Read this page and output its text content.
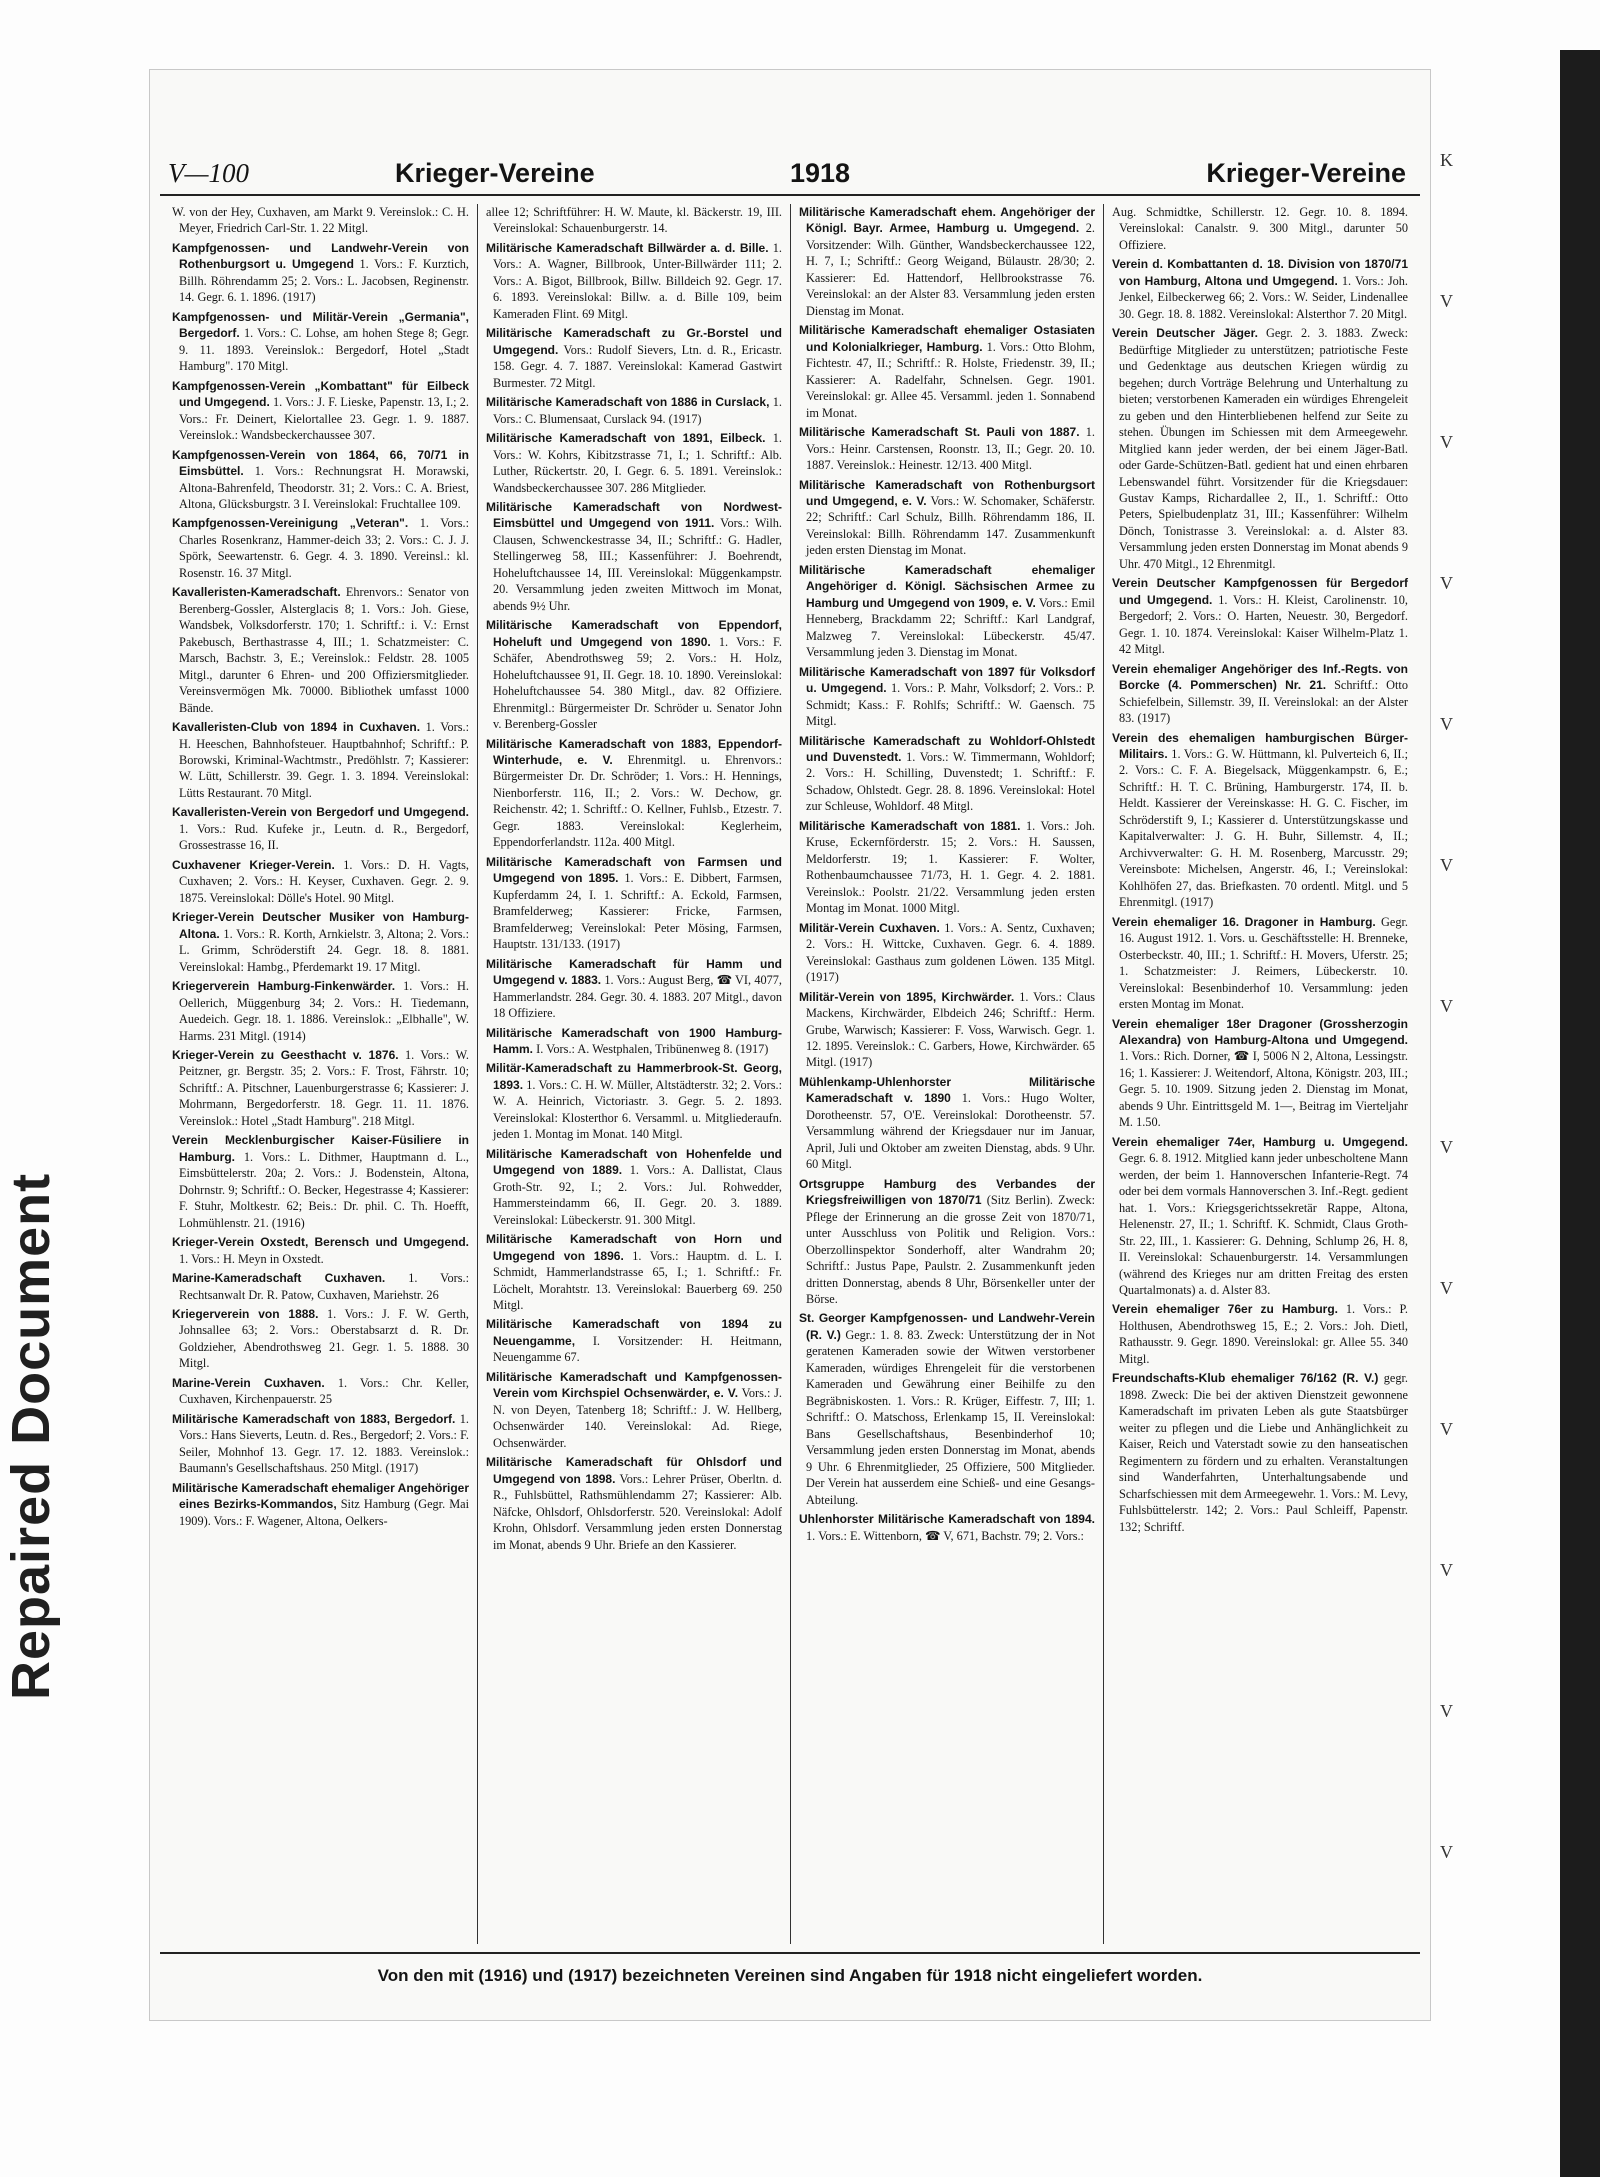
Repaired Document
V—100	Krieger-Vereine	1918	Krieger-Vereine

W. von der Hey, Cuxhaven, am Markt 9. Vereinslok.: C. H. Meyer, Friedrich Carl-Str. 1. 22 Mitgl.

Kampfgenossen- und Landwehr-Verein von Rothenburgsort u. Umgegend 1. Vors.: F. Kurztich, Billh. Röhrendamm 25; 2. Vors.: L. Jacobsen, Reginenstr. 14. Gegr. 6. 1. 1896. (1917)

Kampfgenossen- und Militär-Verein „Germania", Bergedorf. 1. Vors.: C. Lohse, am hohen Stege 8; Gegr. 9. 11. 1893. Vereinslok.: Bergedorf, Hotel „Stadt Hamburg". 170 Mitgl.

Kampfgenossen-Verein „Kombattant" für Eilbeck und Umgegend. 1. Vors.: J. F. Lieske, Papenstr. 13, I.; 2. Vors.: Fr. Deinert, Kielortallee 23. Gegr. 1. 9. 1887. Vereinslok.: Wandsbeckerchaussee 307.

Kampfgenossen-Verein von 1864, 66, 70/71 in Eimsbüttel. 1. Vors.: Rechnungsrat H. Morawski, Altona-Bahrenfeld, Theodorstr. 31; 2. Vors.: C. A. Briest, Altona, Glücksburgstr. 3 I. Vereinslokal: Fruchtallee 109.

Kampfgenossen-Vereinigung „Veteran". 1. Vors.: Charles Rosenkranz, Hammer-deich 33; 2. Vors.: C. J. J. Spörk, Seewartenstr. 6. Gegr. 4. 3. 1890. Vereinsl.: kl. Rosenstr. 16. 37 Mitgl.

Kavalleristen-Kameradschaft. Ehrenvors.: Senator von Berenberg-Gossler, Alsterglacis 8; 1. Vors.: Joh. Giese, Wandsbek, Volksdorferstr. 170; 1. Schriftf.: i. V.: Ernst Pakebusch, Berthastrasse 4, III.; 1. Schatzmeister: C. Marsch, Bachstr. 3, E.; Vereinslok.: Feldstr. 28. 1005 Mitgl., darunter 6 Ehren- und 200 Offiziersmitglieder. Vereinsvermögen Mk. 70000. Bibliothek umfasst 1000 Bände.

Kavalleristen-Club von 1894 in Cuxhaven. 1. Vors.: H. Heeschen, Bahnhofsteuer. Hauptbahnhof; Schriftf.: P. Borowski, Kriminal-Wachtmstr., Predöhlstr. 7; Kassierer: W. Lütt, Schillerstr. 39. Gegr. 1. 3. 1894. Vereinslokal: Lütts Restaurant. 70 Mitgl.

Kavalleristen-Verein von Bergedorf und Umgegend. 1. Vors.: Rud. Kufeke jr., Leutn. d. R., Bergedorf, Grossestrasse 16, II.

Cuxhavener Krieger-Verein. 1. Vors.: D. H. Vagts, Cuxhaven; 2. Vors.: H. Keyser, Cuxhaven. Gegr. 2. 9. 1875. Vereinslokal: Dölle's Hotel. 90 Mitgl.

Krieger-Verein Deutscher Musiker von Hamburg-Altona. 1. Vors.: R. Korth, Arnkielstr. 3, Altona; 2. Vors.: L. Grimm, Schröderstift 24. Gegr. 18. 8. 1881. Vereinslokal: Hambg., Pferdemarkt 19. 17 Mitgl.

Kriegerverein Hamburg-Finkenwärder. 1. Vors.: H. Oellerich, Müggenburg 34; 2. Vors.: H. Tiedemann, Auedeich. Gegr. 18. 1. 1886. Vereinslok.: „Elbhalle", W. Harms. 231 Mitgl. (1914)

Krieger-Verein zu Geesthacht v. 1876. 1. Vors.: W. Peitzner, gr. Bergstr. 35; 2. Vors.: F. Trost, Fährstr. 10; Schriftf.: A. Pitschner, Lauenburgerstrasse 6; Kassierer: J. Mohrmann, Bergedorferstr. 18. Gegr. 11. 11. 1876. Vereinslok.: Hotel „Stadt Hamburg". 218 Mitgl.

Verein Mecklenburgischer Kaiser-Füsiliere in Hamburg. 1. Vors.: L. Dithmer, Hauptmann d. L., Eimsbüttelerstr. 20a; 2. Vors.: J. Bodenstein, Altona, Dohrnstr. 9; Schriftf.: O. Becker, Hegestrasse 4; Kassierer: F. Stuhr, Moltkestr. 62; Beis.: Dr. phil. C. Th. Hoefft, Lohmühlenstr. 21. (1916)

Krieger-Verein Oxstedt, Berensch und Umgegend. 1. Vors.: H. Meyn in Oxstedt.

Marine-Kameradschaft Cuxhaven. 1. Vors.: Rechtsanwalt Dr. R. Patow, Cuxhaven, Mariehstr. 26

Kriegerverein von 1888. 1. Vors.: J. F. W. Gerth, Johnsallee 63; 2. Vors.: Oberstabsarzt d. R. Dr. Goldzieher, Abendrothsweg 21. Gegr. 1. 5. 1888. 30 Mitgl.

Marine-Verein Cuxhaven. 1. Vors.: Chr. Keller, Cuxhaven, Kirchenpauerstr. 25

Militärische Kameradschaft von 1883, Bergedorf. 1. Vors.: Hans Sieverts, Leutn. d. Res., Bergedorf; 2. Vors.: F. Seiler, Mohnhof 13. Gegr. 17. 12. 1883. Vereinslok.: Baumann's Gesellschaftshaus. 250 Mitgl. (1917)

Militärische Kameradschaft ehemaliger Angehöriger eines Bezirks-Kommandos, Sitz Hamburg (Gegr. Mai 1909). Vors.: F. Wagener, Altona, Oelkers-

allee 12; Schriftführer: H. W. Maute, kl. Bäckerstr. 19, III. Vereinslokal: Schauenburgerstr. 14.

Militärische Kameradschaft Billwärder a. d. Bille. 1. Vors.: A. Wagner, Billbrook, Unter-Billwärder 111; 2. Vors.: A. Bigot, Billbrook, Billw. Billdeich 92. Gegr. 17. 6. 1893. Vereinslokal: Billw. a. d. Bille 109, beim Kameraden Flint. 69 Mitgl.

Militärische Kameradschaft zu Gr.-Borstel und Umgegend. Vors.: Rudolf Sievers, Ltn. d. R., Ericastr. 158. Gegr. 4. 7. 1887. Vereinslokal: Kamerad Gastwirt Burmester. 72 Mitgl.

Militärische Kameradschaft von 1886 in Curslack, 1. Vors.: C. Blumensaat, Curslack 94. (1917)

Militärische Kameradschaft von 1891, Eilbeck. 1. Vors.: W. Kohrs, Kibitzstrasse 71, I.; 1. Schriftf.: Alb. Luther, Rückertstr. 20, I. Gegr. 6. 5. 1891. Vereinslok.: Wandsbeckerchaussee 307. 286 Mitglieder.

Militärische Kameradschaft von Nordwest-Eimsbüttel und Umgegend von 1911. Vors.: Wilh. Clausen, Schwenckestrasse 34, II.; Schriftf.: G. Hadler, Stellingerweg 58, III.; Kassenführer: J. Boehrendt, Hoheluftchaussee 14, III. Vereinslokal: Müggenkampstr. 20. Versammlung jeden zweiten Mittwoch im Monat, abends 9½ Uhr.

Militärische Kameradschaft von Eppendorf, Hoheluft und Umgegend von 1890. 1. Vors.: F. Schäfer, Abendrothsweg 59; 2. Vors.: H. Holz, Hoheluftchaussee 91, II. Gegr. 18. 10. 1890. Vereinslokal: Hoheluftchaussee 54. 380 Mitgl., dav. 82 Offiziere. Ehrenmitgl.: Bürgermeister Dr. Schröder u. Senator John v. Berenberg-Gossler

Militärische Kameradschaft von 1883, Eppendorf-Winterhude, e. V. Ehrenmitgl. u. Ehrenvors.: Bürgermeister Dr. Dr. Schröder; 1. Vors.: H. Hennings, Nienborferstr. 116, II.; 2. Vors.: W. Dechow, gr. Reichenstr. 42; 1. Schriftf.: O. Kellner, Fuhlsb., Etzestr. 7. Gegr. 1883. Vereinslokal: Keglerheim, Eppendorferlandstr. 112a. 400 Mitgl.

Militärische Kameradschaft von Farmsen und Umgegend von 1895. 1. Vors.: E. Dibbert, Farmsen, Kupferdamm 24, I. 1. Schriftf.: A. Eckold, Farmsen, Bramfelderweg; Kassierer: Fricke, Farmsen, Bramfelderweg; Vereinslokal: Peter Mösing, Farmsen, Hauptstr. 131/133. (1917)

Militärische Kameradschaft für Hamm und Umgegend v. 1883. 1. Vors.: August Berg, ☎ VI, 4077, Hammerlandstr. 284. Gegr. 30. 4. 1883. 207 Mitgl., davon 18 Offiziere.

Militärische Kameradschaft von 1900 Hamburg-Hamm. I. Vors.: A. Westphalen, Tribünenweg 8. (1917)

Militär-Kameradschaft zu Hammerbrook-St. Georg, 1893. 1. Vors.: C. H. W. Müller, Altstädterstr. 32; 2. Vors.: W. A. Heinrich, Victoriastr. 3. Gegr. 5. 2. 1893. Vereinslokal: Klosterthor 6. Versamml. u. Mitgliederaufn. jeden 1. Montag im Monat. 140 Mitgl.

Militärische Kameradschaft von Hohenfelde und Umgegend von 1889. 1. Vors.: A. Dallistat, Claus Groth-Str. 92, I.; 2. Vors.: Jul. Rohwedder, Hammersteindamm 66, II. Gegr. 20. 3. 1889. Vereinslokal: Lübeckerstr. 91. 300 Mitgl.

Militärische Kameradschaft von Horn und Umgegend von 1896. 1. Vors.: Hauptm. d. L. I. Schmidt, Hammerlandstrasse 65, I.; 1. Schriftf.: Fr. Löchelt, Morahtstr. 13. Vereinslokal: Bauerberg 69. 250 Mitgl.

Militärische Kameradschaft von 1894 zu Neuengamme, I. Vorsitzender: H. Heitmann, Neuengamme 67.

Militärische Kameradschaft und Kampfgenossen-Verein vom Kirchspiel Ochsenwärder, e. V. Vors.: J. N. von Deyen, Tatenberg 18; Schriftf.: J. W. Hellberg, Ochsenwärder 140. Vereinslokal: Ad. Riege, Ochsenwärder.

Militärische Kameradschaft für Ohlsdorf und Umgegend von 1898. Vors.: Lehrer Prüser, Oberltn. d. R., Fuhlsbüttel, Rathsmühlendamm 27; Kassierer: Alb. Näfcke, Ohlsdorf, Ohlsdorferstr. 520. Vereinslokal: Adolf Krohn, Ohlsdorf. Versammlung jeden ersten Donnerstag im Monat, abends 9 Uhr. Briefe an den Kassierer.

Militärische Kameradschaft ehem. Angehöriger der Königl. Bayr. Armee, Hamburg u. Umgegend. 2. Vorsitzender: Wilh. Günther, Wandsbeckerchaussee 122, H. 7, I.; Schriftf.: Georg Weigand, Bülaustr. 28/30; 2. Kassierer: Ed. Hattendorf, Hellbrookstrasse 76. Vereinslokal: an der Alster 83. Versammlung jeden ersten Dienstag im Monat.

Militärische Kameradschaft ehemaliger Ostasiaten und Kolonialkrieger, Hamburg. 1. Vors.: Otto Blohm, Fichtestr. 47, II.; Schriftf.: R. Holste, Friedenstr. 39, II.; Kassierer: A. Radelfahr, Schnelsen. Gegr. 1901. Vereinslokal: gr. Allee 45. Versamml. jeden 1. Sonnabend im Monat.

Militärische Kameradschaft St. Pauli von 1887. 1. Vors.: Heinr. Carstensen, Roonstr. 13, II.; Gegr. 20. 10. 1887. Vereinslok.: Heinestr. 12/13. 400 Mitgl.

Militärische Kameradschaft von Rothenburgsort und Umgegend, e. V. Vors.: W. Schomaker, Schäferstr. 22; Schriftf.: Carl Schulz, Billh. Röhrendamm 186, II. Vereinslokal: Billh. Röhrendamm 147. Zusammenkunft jeden ersten Dienstag im Monat.

Militärische Kameradschaft ehemaliger Angehöriger d. Königl. Sächsischen Armee zu Hamburg und Umgegend von 1909, e. V. Vors.: Emil Henneberg, Brackdamm 22; Schriftf.: Karl Landgraf, Malzweg 7. Vereinslokal: Lübeckerstr. 45/47. Versammlung jeden 3. Dienstag im Monat.

Militärische Kameradschaft von 1897 für Volksdorf u. Umgegend. 1. Vors.: P. Mahr, Volksdorf; 2. Vors.: P. Schmidt; Kass.: F. Rohlfs; Schriftf.: W. Gaensch. 75 Mitgl.

Militärische Kameradschaft zu Wohldorf-Ohlstedt und Duvenstedt. 1. Vors.: W. Timmermann, Wohldorf; 2. Vors.: H. Schilling, Duvenstedt; 1. Schriftf.: F. Schadow, Ohlstedt. Gegr. 28. 8. 1896. Vereinslokal: Hotel zur Schleuse, Wohldorf. 48 Mitgl.

Militärische Kameradschaft von 1881. 1. Vors.: Joh. Kruse, Eckernförderstr. 15; 2. Vors.: H. Saussen, Meldorferstr. 19; 1. Kassierer: F. Wolter, Rothenbaumchaussee 71/73, H. 1. Gegr. 4. 2. 1881. Vereinslok.: Poolstr. 21/22. Versammlung jeden ersten Montag im Monat. 1000 Mitgl.

Militär-Verein Cuxhaven. 1. Vors.: A. Sentz, Cuxhaven; 2. Vors.: H. Wittcke, Cuxhaven. Gegr. 6. 4. 1889. Vereinslokal: Gasthaus zum goldenen Löwen. 135 Mitgl. (1917)

Militär-Verein von 1895, Kirchwärder. 1. Vors.: Claus Mackens, Kirchwärder, Elbdeich 246; Schriftf.: Herm. Grube, Warwisch; Kassierer: F. Voss, Warwisch. Gegr. 1. 12. 1895. Vereinslok.: C. Garbers, Howe, Kirchwärder. 65 Mitgl. (1917)

Mühlenkamp-Uhlenhorster Militärische Kameradschaft v. 1890 1. Vors.: Hugo Wolter, Dorotheenstr. 57, O'E. Vereinslokal: Dorotheenstr. 57. Versammlung während der Kriegsdauer nur im Januar, April, Juli und Oktober am zweiten Dienstag, abds. 9 Uhr. 60 Mitgl.

Ortsgruppe Hamburg des Verbandes der Kriegsfreiwilligen von 1870/71 (Sitz Berlin). Zweck: Pflege der Erinnerung an die grosse Zeit von 1870/71, unter Ausschluss von Politik und Religion. Vors.: Oberzollinspektor Sonderhoff, alter Wandrahm 20; Schriftf.: Justus Pape, Paulstr. 2. Zusammenkunft jeden dritten Donnerstag, abends 8 Uhr, Börsenkeller unter der Börse.

St. Georger Kampfgenossen- und Landwehr-Verein (R. V.) Gegr.: 1. 8. 83. Zweck: Unterstützung der in Not geratenen Kameraden sowie der Witwen verstorbener Kameraden, würdiges Ehrengeleit für die verstorbenen Kameraden und Gewährung einer Beihilfe zu den Begräbniskosten. 1. Vors.: R. Krüger, Eiffestr. 7, III; 1. Schriftf.: O. Matschoss, Erlenkamp 15, II. Vereinslokal: Bans Gesellschaftshaus, Besenbinderhof 10; Versammlung jeden ersten Donnerstag im Monat, abends 9 Uhr. 6 Ehrenmitglieder, 25 Offiziere, 500 Mitglieder. Der Verein hat ausserdem eine Schieß- und eine Gesangs-Abteilung.

Uhlenhorster Militärische Kameradschaft von 1894. 1. Vors.: E. Wittenborn, ☎ V, 671, Bachstr. 79; 2. Vors.:

Aug. Schmidtke, Schillerstr. 12. Gegr. 10. 8. 1894. Vereinslokal: Canalstr. 9. 300 Mitgl., darunter 50 Offiziere.

Verein d. Kombattanten d. 18. Division von 1870/71 von Hamburg, Altona und Umgegend. 1. Vors.: Joh. Jenkel, Eilbeckerweg 66; 2. Vors.: W. Seider, Lindenallee 30. Gegr. 18. 8. 1882. Vereinslokal: Alsterthor 7. 20 Mitgl.

Verein Deutscher Jäger. Gegr. 2. 3. 1883. Zweck: Bedürftige Mitglieder zu unterstützen; patriotische Feste und Gedenktage aus deutschen Kriegen würdig zu begehen; durch Vorträge Belehrung und Unterhaltung zu bieten; verstorbenen Kameraden ein würdiges Ehrengeleit zu geben und den Hinterbliebenen helfend zur Seite zu stehen. Übungen im Schiessen mit dem Armeegewehr. Mitglied kann jeder werden, der bei einem Jäger-Batl. oder Garde-Schützen-Batl. gedient hat und einen ehrbaren Lebenswandel führt. Vorsitzender für die Kriegsdauer: Gustav Kamps, Richardallee 2, II., 1. Schriftf.: Otto Peters, Spielbudenplatz 31, III.; Kassenführer: Wilhelm Dönch, Tonistrasse 3. Vereinslokal: a. d. Alster 83. Versammlung jeden ersten Donnerstag im Monat abends 9 Uhr. 470 Mitgl., 12 Ehrenmitgl.

Verein Deutscher Kampfgenossen für Bergedorf und Umgegend. 1. Vors.: H. Kleist, Carolinenstr. 10, Bergedorf; 2. Vors.: O. Harten, Neuestr. 30, Bergedorf. Gegr. 1. 10. 1874. Vereinslokal: Kaiser Wilhelm-Platz 1. 42 Mitgl.

Verein ehemaliger Angehöriger des Inf.-Regts. von Borcke (4. Pommerschen) Nr. 21. Schriftf.: Otto Schiefelbein, Sillemstr. 39, II. Vereinslokal: an der Alster 83. (1917)

Verein des ehemaligen hamburgischen Bürger-Militairs. 1. Vors.: G. W. Hüttmann, kl. Pulverteich 6, II.; 2. Vors.: C. F. A. Biegelsack, Müggenkampstr. 6, E.; Schriftf.: H. T. C. Brüning, Hamburgerstr. 174, II. b. Heldt. Kassierer der Vereinskasse: H. G. C. Fischer, im Schröderstift 9, I.; Kassierer d. Unterstützungskasse und Kapitalverwalter: J. G. H. Buhr, Sillemstr. 4, II.; Archivverwalter: G. H. M. Rosenberg, Marcusstr. 29; Vereinsbote: Michelsen, Angerstr. 46, I.; Vereinslokal: Kohlhöfen 27, das. Briefkasten. 70 ordentl. Mitgl. und 5 Ehrenmitgl. (1917)

Verein ehemaliger 16. Dragoner in Hamburg. Gegr. 16. August 1912. 1. Vors. u. Geschäftsstelle: H. Brenneke, Osterbeckstr. 40, III.; 1. Schriftf.: H. Movers, Uferstr. 25; 1. Schatzmeister: J. Reimers, Lübeckerstr. 10. Vereinslokal: Besenbinderhof 10. Versammlung: jeden ersten Montag im Monat.

Verein ehemaliger 18er Dragoner (Grossherzogin Alexandra) von Hamburg-Altona und Umgegend. 1. Vors.: Rich. Dorner, ☎ I, 5006 N 2, Altona, Lessingstr. 16; 1. Kassierer: J. Weitendorf, Altona, Königstr. 203, III.; Gegr. 5. 10. 1909. Sitzung jeden 2. Dienstag im Monat, abends 9 Uhr. Eintrittsgeld M. 1—, Beitrag im Vierteljahr M. 1.50.

Verein ehemaliger 74er, Hamburg u. Umgegend. Gegr. 6. 8. 1912. Mitglied kann jeder unbescholtene Mann werden, der beim 1. Hannoverschen Infanterie-Regt. 74 oder bei dem vormals Hannoverschen 3. Inf.-Regt. gedient hat. 1. Vors.: Kriegsgerichtssekretär Rappe, Altona, Helenenstr. 27, II.; 1. Schriftf. K. Schmidt, Claus Groth-Str. 22, III., 1. Kassierer: G. Dehning, Schlump 26, H. 8, II. Vereinslokal: Schauenburgerstr. 14. Versammlungen (während des Krieges nur am dritten Freitag des ersten Quartalmonats) a. d. Alster 83.

Verein ehemaliger 76er zu Hamburg. 1. Vors.: P. Holthusen, Abendrothsweg 15, E.; 2. Vors.: Joh. Dietl, Rathausstr. 9. Gegr. 1890. Vereinslokal: gr. Allee 55. 340 Mitgl.

Freundschafts-Klub ehemaliger 76/162 (R. V.) gegr. 1898. Zweck: Die bei der aktiven Dienstzeit gewonnene Kameradschaft im privaten Leben als gute Staatsbürger weiter zu pflegen und die Liebe und Anhänglichkeit zu Kaiser, Reich und Vaterstadt sowie zu den hanseatischen Regimentern zu fördern und zu erhalten. Veranstaltungen sind Wanderfahrten, Unterhaltungsabende und Scharfschiessen mit dem Armeegewehr. 1. Vors.: M. Levy, Fuhlsbüttelerstr. 142; 2. Vors.: Paul Schleiff, Papenstr. 132; Schriftf.

Von den mit (1916) und (1917) bezeichneten Vereinen sind Angaben für 1918 nicht eingeliefert worden.
K
V
V
V
V
V
V
V
V
V
V
V
V
